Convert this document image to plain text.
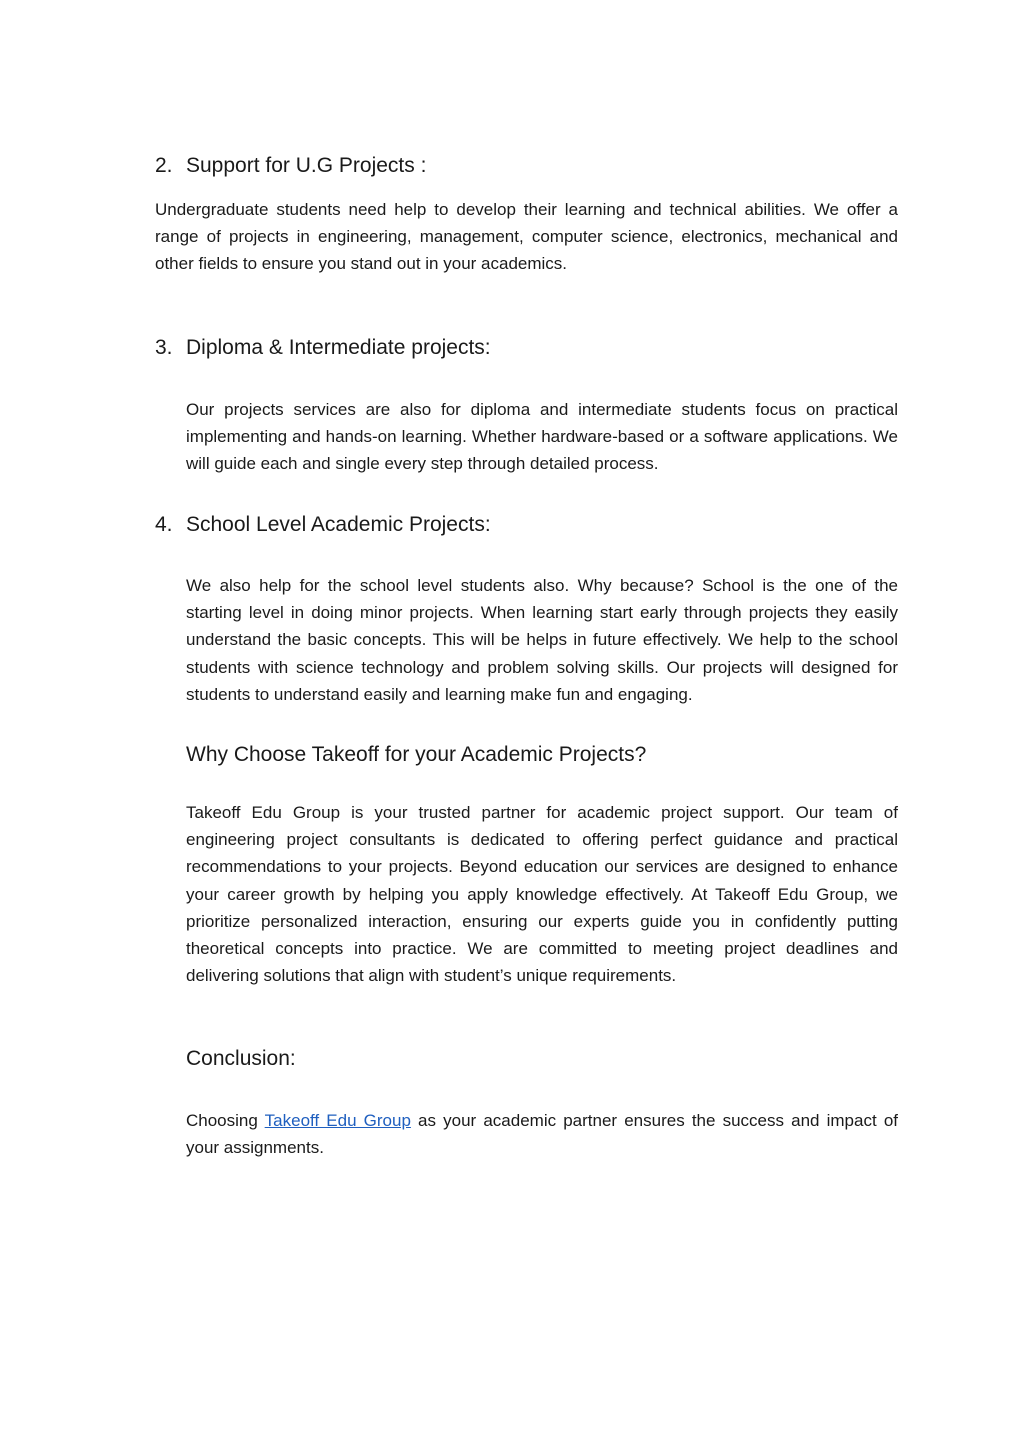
2. Support for U.G Projects :

Undergraduate students need help to develop their learning and technical abilities. We offer a range of projects in engineering, management, computer science, electronics, mechanical and other fields to ensure you stand out in your academics.

3. Diploma & Intermediate projects:

Our projects services are also for diploma and intermediate students focus on practical implementing and hands-on learning. Whether hardware-based or a software applications. We will guide each and single every step through detailed process.

4. School Level Academic Projects:

We also help for the school level students also. Why because? School is the one of the starting level in doing minor projects. When learning start early through projects they easily understand the basic concepts. This will be helps in future effectively. We help to the school students with science technology and problem solving skills. Our projects will designed for students to understand easily and learning make fun and engaging.

Why Choose Takeoff for your Academic Projects?

Takeoff Edu Group is your trusted partner for academic project support. Our team of engineering project consultants is dedicated to offering perfect guidance and practical recommendations to your projects. Beyond education our services are designed to enhance your career growth by helping you apply knowledge effectively. At Takeoff Edu Group, we prioritize personalized interaction, ensuring our experts guide you in confidently putting theoretical concepts into practice. We are committed to meeting project deadlines and delivering solutions that align with student’s unique requirements.

Conclusion:

Choosing Takeoff Edu Group as your academic partner ensures the success and impact of your assignments.
